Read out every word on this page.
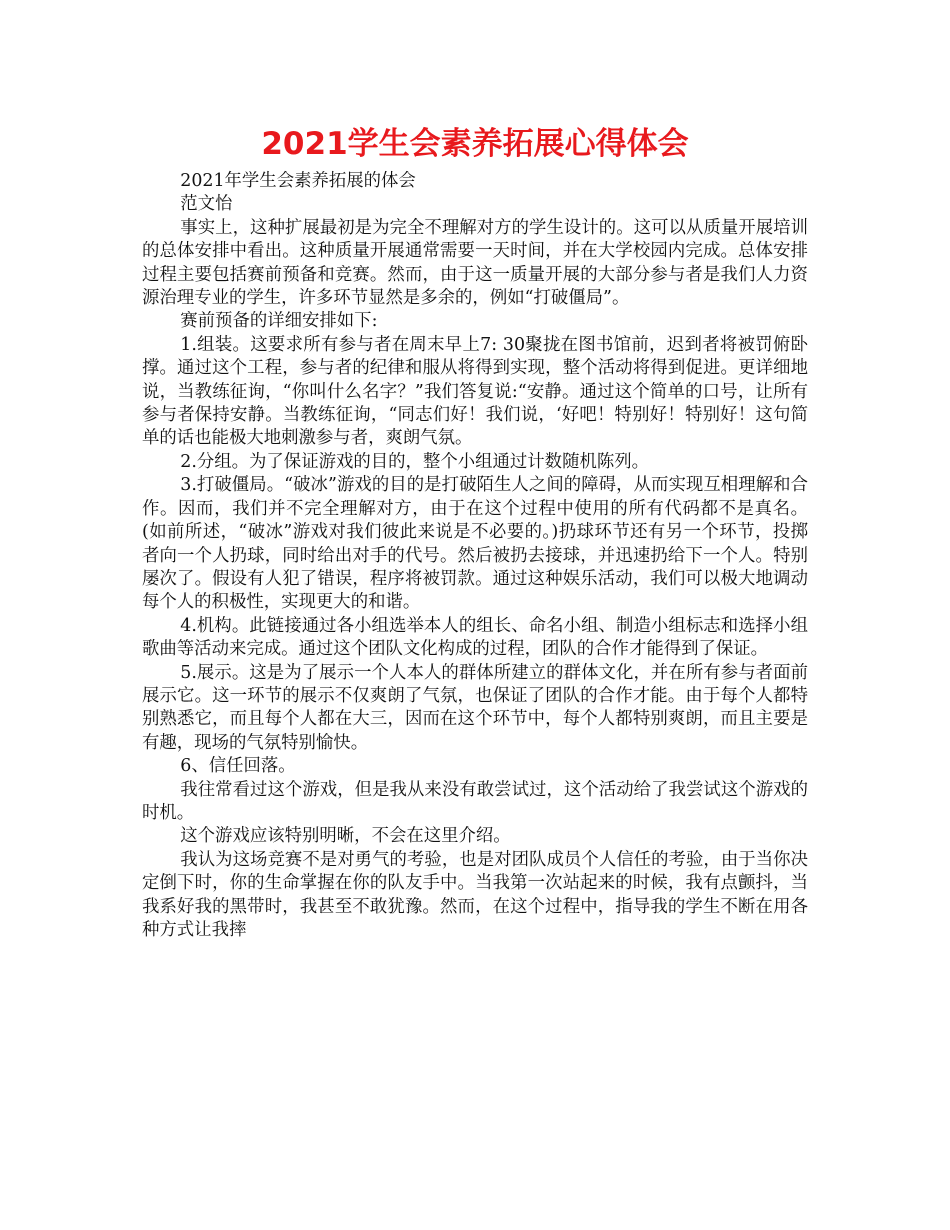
2021学生会素养拓展心得体会

2021年学生会素养拓展的体会

范文怡

事实上，这种扩展最初是为完全不理解对方的学生设计的。这可以从质量开展培训的总体安排中看出。这种质量开展通常需要一天时间，并在大学校园内完成。总体安排过程主要包括赛前预备和竞赛。然而，由于这一质量开展的大部分参与者是我们人力资源治理专业的学生，许多环节显然是多余的，例如“打破僵局”。

赛前预备的详细安排如下:

1.组装。这要求所有参与者在周末早上7: 30聚拢在图书馆前，迟到者将被罚俯卧撑。通过这个工程，参与者的纪律和服从将得到实现，整个活动将得到促进。更详细地说，当教练征询，“你叫什么名字？”我们答复说:“安静。通过这个简单的口号，让所有参与者保持安静。当教练征询，“同志们好！我们说，‘好吧！特别好！特别好！这句简单的话也能极大地刺激参与者，爽朗气氛。

2.分组。为了保证游戏的目的，整个小组通过计数随机陈列。

3.打破僵局。“破冰”游戏的目的是打破陌生人之间的障碍，从而实现互相理解和合作。因而，我们并不完全理解对方，由于在这个过程中使用的所有代码都不是真名。(如前所述，“破冰”游戏对我们彼此来说是不必要的。)扔球环节还有另一个环节，投掷者向一个人扔球，同时给出对手的代号。然后被扔去接球，并迅速扔给下一个人。特别屡次了。假设有人犯了错误，程序将被罚款。通过这种娱乐活动，我们可以极大地调动每个人的积极性，实现更大的和谐。

4.机构。此链接通过各小组选举本人的组长、命名小组、制造小组标志和选择小组歌曲等活动来完成。通过这个团队文化构成的过程，团队的合作才能得到了保证。

5.展示。这是为了展示一个人本人的群体所建立的群体文化，并在所有参与者面前展示它。这一环节的展示不仅爽朗了气氛，也保证了团队的合作才能。由于每个人都特别熟悉它，而且每个人都在大三，因而在这个环节中，每个人都特别爽朗，而且主要是有趣，现场的气氛特别愉快。

6、信任回落。

我往常看过这个游戏，但是我从来没有敢尝试过，这个活动给了我尝试这个游戏的时机。

这个游戏应该特别明晰，不会在这里介绍。

我认为这场竞赛不是对勇气的考验，也是对团队成员个人信任的考验，由于当你决定倒下时，你的生命掌握在你的队友手中。当我第一次站起来的时候，我有点颤抖，当我系好我的黑带时，我甚至不敢犹豫。然而，在这个过程中，指导我的学生不断在用各种方式让我摔
